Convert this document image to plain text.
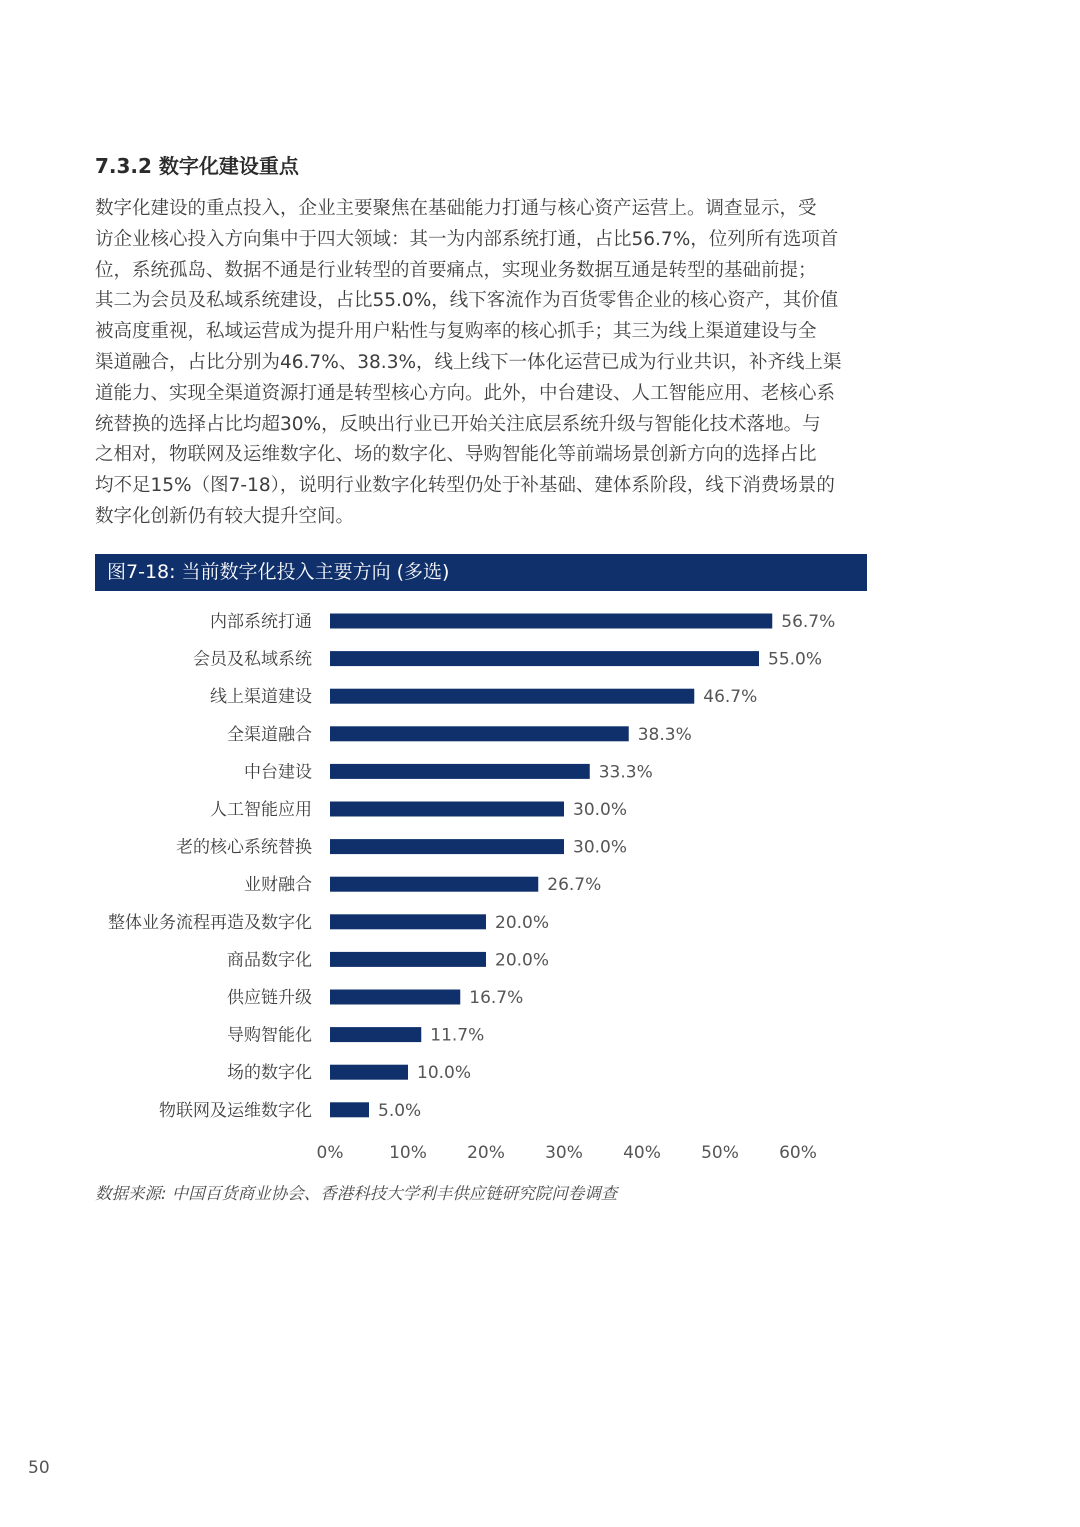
7.3.2 数字化建设重点
数字化建设的重点投入，企业主要聚焦在基础能力打通与核心资产运营上。调查显示，受
访企业核心投入方向集中于四大领域：其一为内部系统打通，占比56.7%，位列所有选项首
位，系统孤岛、数据不通是行业转型的首要痛点，实现业务数据互通是转型的基础前提；
其二为会员及私域系统建设，占比55.0%，线下客流作为百货零售企业的核心资产，其价值
被高度重视，私域运营成为提升用户粘性与复购率的核心抓手；其三为线上渠道建设与全
渠道融合，占比分别为46.7%、38.3%，线上线下一体化运营已成为行业共识，补齐线上渠
道能力、实现全渠道资源打通是转型核心方向。此外，中台建设、人工智能应用、老核心系
统替换的选择占比均超30%，反映出行业已开始关注底层系统升级与智能化技术落地。与
之相对，物联网及运维数字化、场的数字化、导购智能化等前端场景创新方向的选择占比
均不足15%（图7-18），说明行业数字化转型仍处于补基础、建体系阶段，线下消费场景的
数字化创新仍有较大提升空间。
图7-18: 当前数字化投入主要方向 (多选)
内部系统打通	56.7%
会员及私域系统	55.0%
线上渠道建设	46.7%
全渠道融合	38.3%
中台建设	33.3%
人工智能应用	30.0%
老的核心系统替换	30.0%
业财融合	26.7%
整体业务流程再造及数字化	20.0%
商品数字化	20.0%
供应链升级	16.7%
导购智能化	11.7%
场的数字化	10.0%
物联网及运维数字化	5.0%
0%	10% 20% 30% 40% 50% 60%

数据来源: 中国百货商业协会、香港科技大学利丰供应链研究院问卷调查

50
